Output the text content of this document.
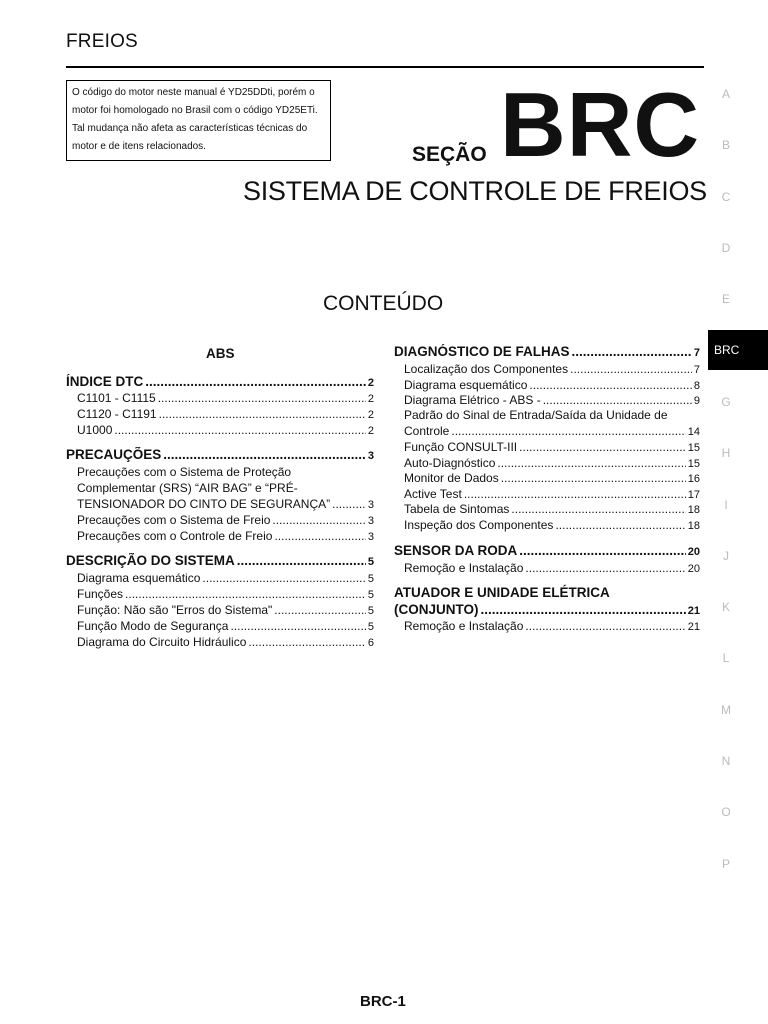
FREIOS
O código do motor neste manual é YD25DDti, porém o
motor foi homologado no Brasil com o código YD25ETi.
Tal mudança não afeta as características técnicas do
motor e de itens relacionados.	SEÇÃO BRC
SISTEMA DE CONTROLE DE FREIOS
CONTEÚDO
A
B
C
D
E
BRC
G
H
I
J
K
L
M
N
O
P
ABS
ÍNDICE DTC .....	2
C1101 - C1115 .....	2
C1120 - C1191 .....	2
U1000 .....	2
PRECAUÇÕES .....	3
Precauções com o Sistema de Proteção
Complementar (SRS) “AIR BAG” e “PRÉ-
TENSIONADOR DO CINTO DE SEGURANÇA” .....	3
Precauções com o Sistema de Freio .....	3
Precauções com o Controle de Freio .....	3
DESCRIÇÃO DO SISTEMA .....	5
Diagrama esquemático .....	5
Funções .....	5
Função: Não são "Erros do Sistema" .....	5
Função Modo de Segurança .....	5
Diagrama do Circuito Hidráulico .....	6
DIAGNÓSTICO DE FALHAS .....	7
Localização dos Componentes .....	7
Diagrama esquemático .....	8
Diagrama Elétrico - ABS - .....	9
Padrão do Sinal de Entrada/Saída da Unidade de
Controle .....	14
Função CONSULT-III .....	15
Auto-Diagnóstico .....	15
Monitor de Dados .....	16
Active Test .....	17
Tabela de Sintomas .....	18
Inspeção dos Componentes .....	18
SENSOR DA RODA .....	20
Remoção e Instalação .....	20
ATUADOR E UNIDADE ELÉTRICA
(CONJUNTO) .....	21
Remoção e Instalação .....	21
BRC-1
